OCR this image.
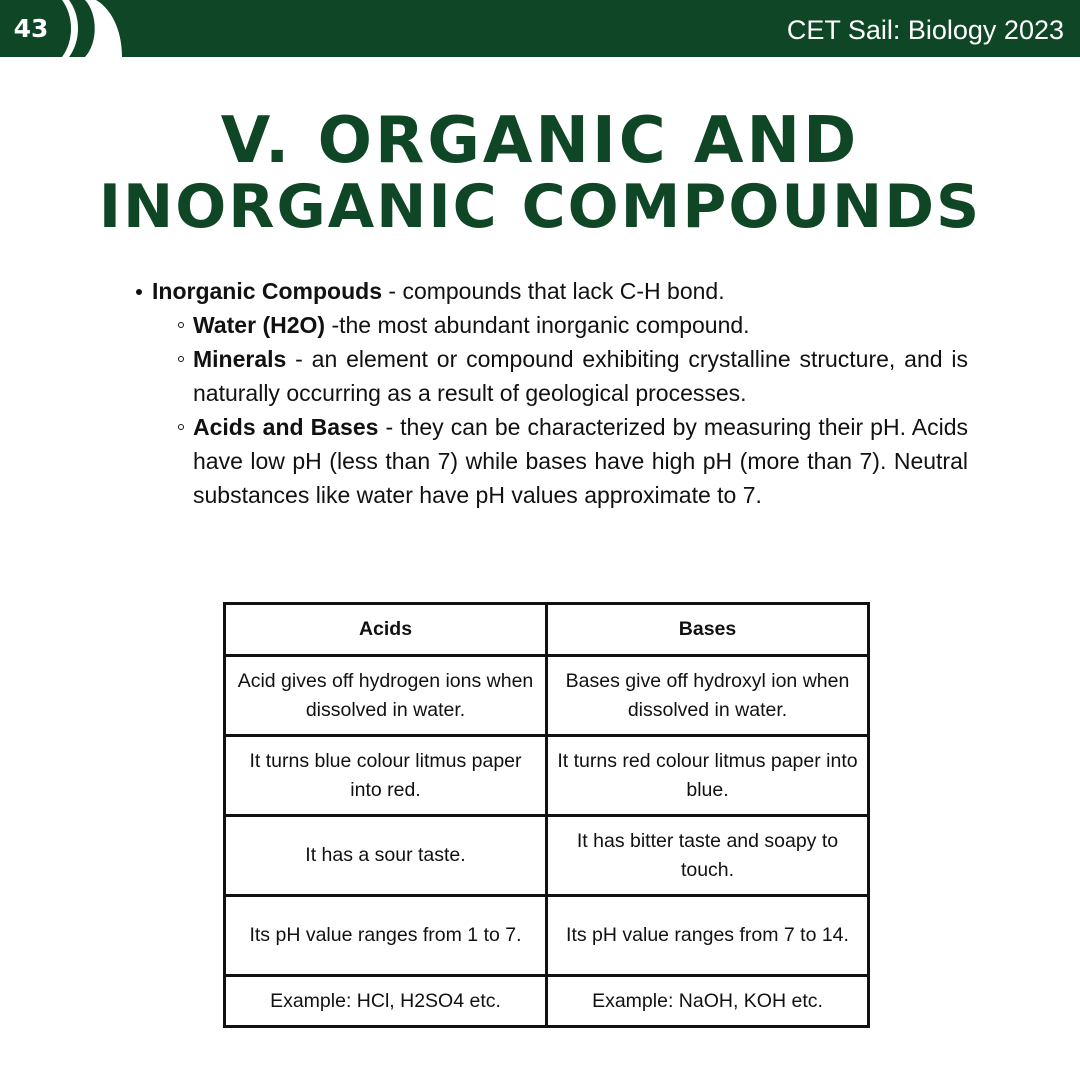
43	CET Sail: Biology 2023
V. ORGANIC AND
INORGANIC COMPOUNDS
Inorganic Compouds - compounds that lack C-H bond.
Water (H2O) -the most abundant inorganic compound.
Minerals - an element or compound exhibiting crystalline structure, and is naturally occurring as a result of geological processes.
Acids and Bases - they can be characterized by measuring their pH. Acids have low pH (less than 7) while bases have high pH (more than 7). Neutral substances like water have pH values approximate to 7.
Acids	Bases
Acid gives off hydrogen ions when dissolved in water.	Bases give off hydroxyl ion when dissolved in water.
It turns blue colour litmus paper into red.	It turns red colour litmus paper into blue.
It has a sour taste.	It has bitter taste and soapy to touch.
Its pH value ranges from 1 to 7.	Its pH value ranges from 7 to 14.
Example: HCl, H2SO4 etc.	Example: NaOH, KOH etc.
